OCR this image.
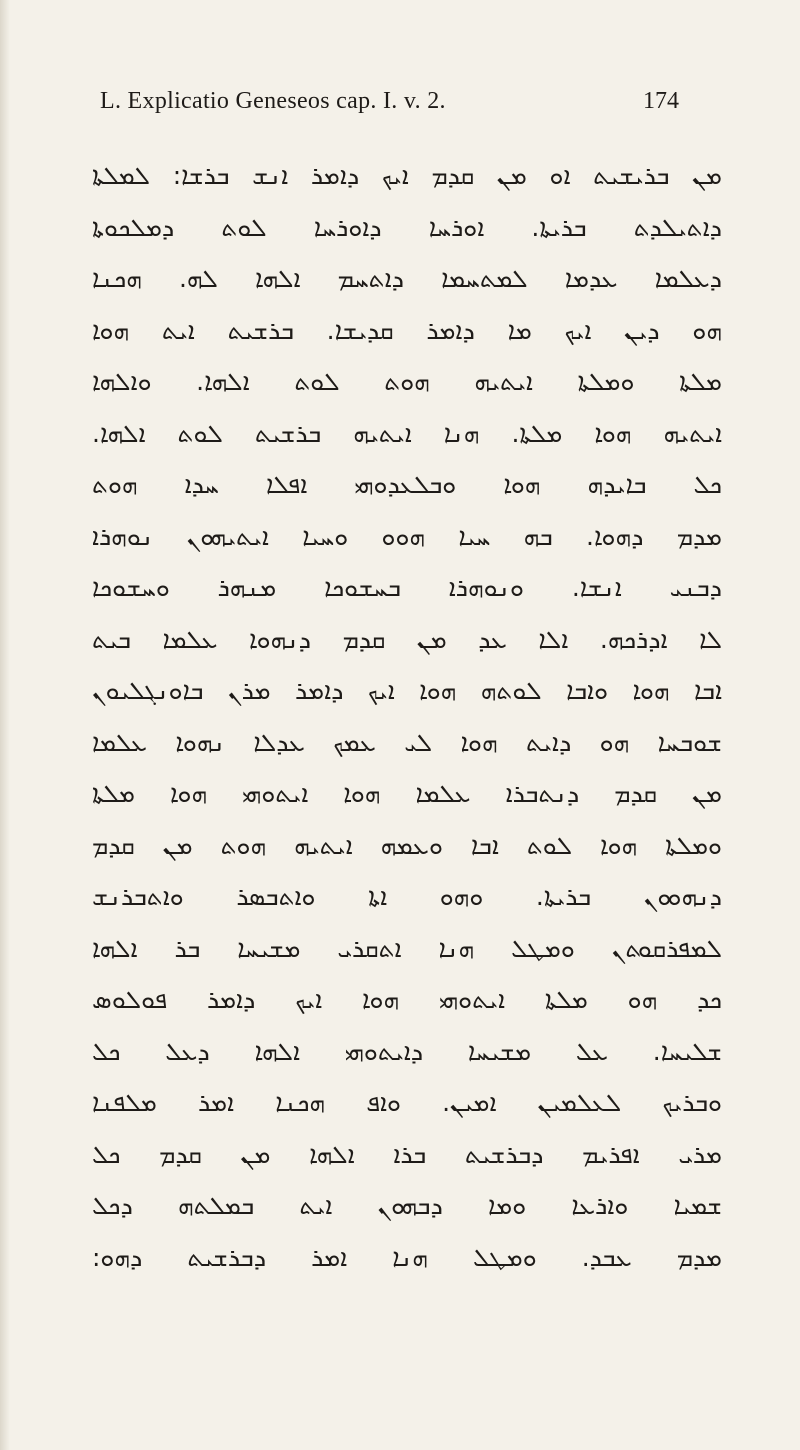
L. Explicatio Geneseos cap. I. v. 2.	174
ܡܢ ܒܪܝܫܝܬ ܐܘ ܡܢ ܩܕܡ ܐܝܟ ܕܐܡܪ ܐܢܫ ܒܪܫܐ: ܠܡܠܬܐ
ܕܐܬܝܠܕܬ ܒܪܝܬܐ. ܐܘܪܚܐ ܕܐܘܪܚܐ ܠܘܬ ܕܡܠܟܘܬܐ
ܕܥܠܡܐ ܥܕܡܐ ܠܡܬܚܡܐ ܕܐܬܚܡ ܐܠܗܐ ܠܗ. ܗܟܢܐ
ܗܘ ܕܝܢ ܐܝܟ ܡܐ ܕܐܡܪ ܩܕܝܫܐ. ܒܪܫܝܬ ܐܝܬ ܗܘܐ
ܡܠܬܐ ܘܡܠܬܐ ܐܝܬܝܗ ܗܘܬ ܠܘܬ ܐܠܗܐ. ܘܐܠܗܐ
ܐܝܬܝܗ ܗܘܐ ܡܠܬܐ. ܗܢܐ ܐܝܬܝܗ ܒܪܫܝܬ ܠܘܬ ܐܠܗܐ.
ܟܠ ܒܐܝܕܗ ܗܘܐ ܘܒܠܥܕܘܗܝ ܐܦܠܐ ܚܕܐ ܗܘܬ
ܡܕܡ ܕܗܘܐ. ܒܗ ܚܝܐ ܗܘܘ ܘܚܝܐ ܐܝܬܝܗܘܢ ܢܘܗܪܐ
ܕܒܢܝ ܐܢܫܐ. ܘܢܘܗܪܐ ܒܚܫܘܟܐ ܡܢܗܪ ܘܚܫܘܟܐ
ܠܐ ܐܕܪܟܗ. ܐܠܐ ܥܕ ܡܢ ܩܕܡ ܕܢܗܘܐ ܥܠܡܐ ܒܝܬ
ܐܒܐ ܗܘܐ ܘܐܒܐ ܠܘܬܗ ܗܘܐ ܐܝܟ ܕܐܡܪ ܡܪܢ ܒܐܘܢܓܠܝܘܢ
ܫܘܒܚܐ ܗܘ ܕܐܝܬ ܗܘܐ ܠܝ ܥܡܟ ܥܕܠܐ ܢܗܘܐ ܥܠܡܐ
ܡܢ ܩܕܡ ܕܢܬܒܪܐ ܥܠܡܐ ܗܘܐ ܐܝܬܘܗܝ ܗܘܐ ܡܠܬܐ
ܘܡܠܬܐ ܗܘܐ ܠܘܬ ܐܒܐ ܘܥܡܗ ܐܝܬܝܗ ܗܘܬ ܡܢ ܩܕܡ
ܕܢܗܘܘܢ ܒܪܝܬܐ. ܘܗܘ ܐܬܐ ܘܐܬܒܣܪ ܘܐܬܒܪܢܫ
ܠܡܦܪܩܘܬܢ ܘܡܛܠ ܗܢܐ ܐܬܩܪܝ ܡܫܝܚܐ ܒܪ ܐܠܗܐ
ܟܕ ܗܘ ܡܠܬܐ ܐܝܬܘܗܝ ܗܘܐ ܐܝܟ ܕܐܡܪ ܦܘܠܘܣ
ܫܠܝܚܐ. ܥܠ ܡܫܝܚܐ ܕܐܝܬܘܗܝ ܐܠܗܐ ܕܥܠ ܟܠ
ܘܒܪܝܟ ܠܥܠܡܝܢ ܐܡܝܢ. ܘܐܦ ܗܟܢܐ ܐܡܪ ܡܠܦܢܐ
ܡܪܝ ܐܦܪܝܡ ܕܒܪܫܝܬ ܒܪܐ ܐܠܗܐ ܡܢ ܩܕܡ ܟܠ
ܫܡܝܐ ܘܐܪܥܐ ܘܡܐ ܕܒܗܘܢ ܐܝܬ ܒܡܠܬܗ ܕܟܠ
ܡܕܡ ܥܒܕ. ܘܡܛܠ ܗܢܐ ܐܡܪ ܕܒܪܫܝܬ ܕܗܘ:
